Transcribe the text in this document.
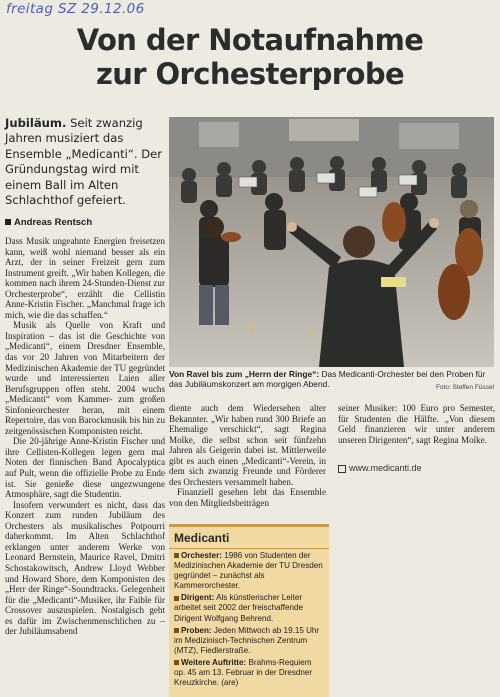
freitag SZ 29.12.06
Von der Notaufnahme
zur Orchesterprobe
Jubiläum. Seit zwanzig Jahren musiziert das Ensemble „Medicanti“. Der Gründungstag wird mit einem Ball im Alten Schlachthof gefeiert.
Andreas Rentsch

Dass Musik ungeahnte Energien freisetzen kann, weiß wohl niemand besser als ein Arzt, der in seiner Freizeit gern zum Instrument greift. „Wir haben Kollegen, die kommen nach ihrem 24-Stunden-Dienst zur Orchesterprobe“, erzählt die Cellistin Anne-Kristin Fischer. „Manchmal frage ich mich, wie die das schaffen.“

Musik als Quelle von Kraft und Inspiration – das ist die Geschichte von „Medicanti“, einem Dresdner Ensemble, das vor 20 Jahren von Mitarbeitern der Medizinischen Akademie der TU gegründet wurde und interessierten Laien aller Berufsgruppen offen steht. 2004 wuchs „Medicanti“ vom Kammer- zum großen Sinfonieorchester heran, mit einem Repertoire, das von Barockmusik bis hin zu zeitgenössischen Komponisten reicht.

Die 20-jährige Anne-Kristin Fischer und ihre Cellisten-Kollegen legen gern mal Noten der finnischen Band Apocalyptica auf Pult, wenn die offizielle Probe zu Ende ist. Sie genieße diese ungezwungene Atmosphäre, sagt die Studentin.

Insofern verwundert es nicht, dass das Konzert zum runden Jubiläum des Orchesters als musikalisches Potpourri daherkommt. Im Alten Schlachthof erklangen unter anderem Werke von Leonard Bernstein, Maurice Ravel, Dmitri Schostakowitsch, Andrew Lloyd Webber und Howard Shore, dem Komponisten des „Herr der Ringe“-Soundtracks. Gelegenheit für die „Medicanti“-Musiker, ihr Faible für Crossover auszuspielen. Nostalgisch geht es dafür im Zwischenmenschlichen zu – der Jubiläumsabend

Von Ravel bis zum „Herrn der Ringe“: Das Medicanti-Orchester bei den Proben für das Jubiläumskonzert am morgigen Abend.	Foto: Steffen Füssel

diente auch dem Wiedersehen alter Bekannter. „Wir haben rund 300 Briefe an Ehemalige verschickt“, sagt Regina Molke, die selbst schon seit fünfzehn Jahren als Geigerin dabei ist. Mittlerweile gibt es auch einen „Medicanti“-Verein, in dem sich zwanzig Freunde und Förderer des Orchesters versammelt haben.

Finanziell gesehen lebt das Ensemble von den Mitgliedsbeiträgen

seiner Musiker: 100 Euro pro Semester, für Studenten die Hälfte. „Von diesem Geld finanzieren wir unter anderem unseren Dirigenten“, sagt Regina Molke.

www.medicanti.de
Medicanti
Orchester: 1986 von Studenten der Medizinischen Akademie der TU Dresden gegründet – zunächst als Kammerorchester.
Dirigent: Als künstlerischer Leiter arbeitet seit 2002 der freischaffende Dirigent Wolfgang Behrend.
Proben: Jeden Mittwoch ab 19.15 Uhr im Medizinisch-Technischen Zentrum (MTZ), Fiedlerstraße.
Weitere Auftritte: Brahms-Requiem op. 45 am 13. Februar in der Dresdner Kreuzkirche. (are)
